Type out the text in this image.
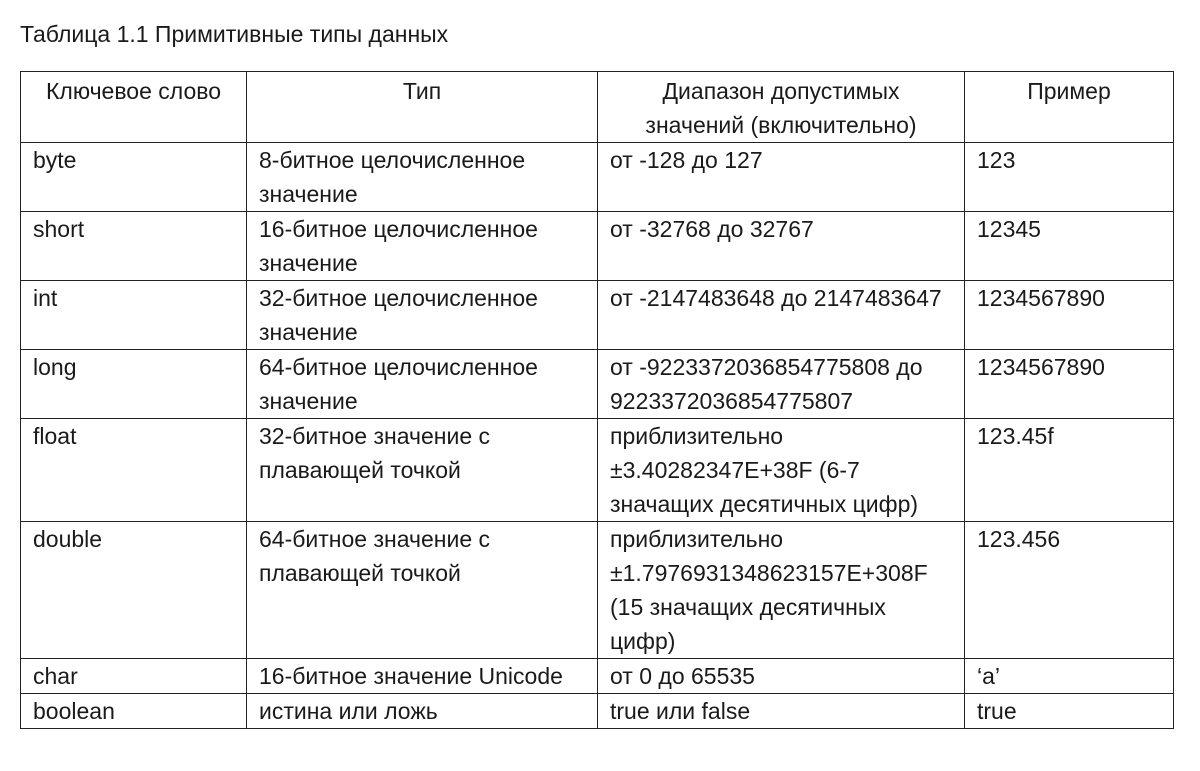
Таблица 1.1 Примитивные типы данных
Ключевое слово	Тип	Диапазон допустимых значений (включительно)	Пример
byte	8-битное целочисленное значение	от -128 до 127	123
short	16-битное целочисленное значение	от -32768 до 32767	12345
int	32-битное целочисленное значение	от -2147483648 до 2147483647	1234567890
long	64-битное целочисленное значение	от -9223372036854775808 до 9223372036854775807	1234567890
float	32-битное значение с плавающей точкой	приблизительно ±3.40282347E+38F (6-7 значащих десятичных цифр)	123.45f
double	64-битное значение с плавающей точкой	приблизительно ±1.7976931348623157E+308F (15 значащих десятичных цифр)	123.456
char	16-битное значение Unicode	от 0 до 65535	‘a’
boolean	истина или ложь	true или false	true
